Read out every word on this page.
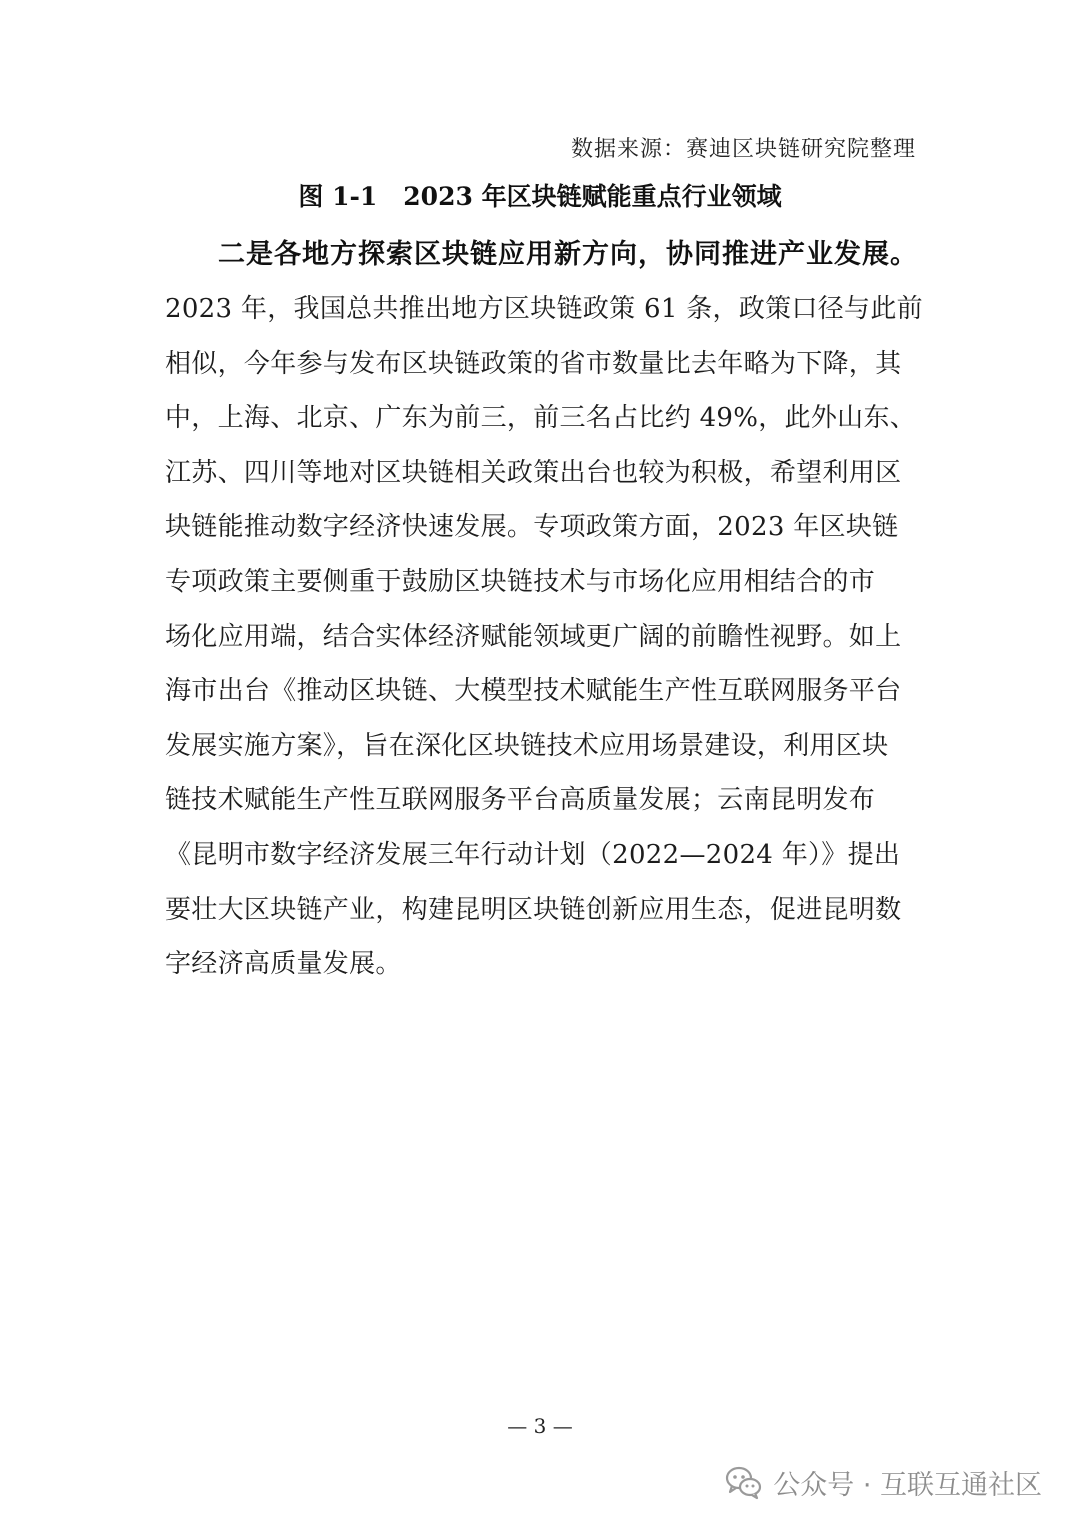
数据来源：赛迪区块链研究院整理
图 1-1 2023 年区块链赋能重点行业领域
二是各地方探索区块链应用新方向，协同推进产业发展。
2023 年，我国总共推出地方区块链政策 61 条，政策口径与此前
相似，今年参与发布区块链政策的省市数量比去年略为下降，其
中，上海、北京、广东为前三，前三名占比约 49%，此外山东、
江苏、四川等地对区块链相关政策出台也较为积极，希望利用区
块链能推动数字经济快速发展。专项政策方面，2023 年区块链
专项政策主要侧重于鼓励区块链技术与市场化应用相结合的市
场化应用端，结合实体经济赋能领域更广阔的前瞻性视野。如上
海市出台《推动区块链、大模型技术赋能生产性互联网服务平台
发展实施方案》，旨在深化区块链技术应用场景建设，利用区块
链技术赋能生产性互联网服务平台高质量发展；云南昆明发布
《昆明市数字经济发展三年行动计划（2022—2024 年）》提出
要壮大区块链产业，构建昆明区块链创新应用生态，促进昆明数
字经济高质量发展。
— 3 —
公众号 · 互联互通社区
